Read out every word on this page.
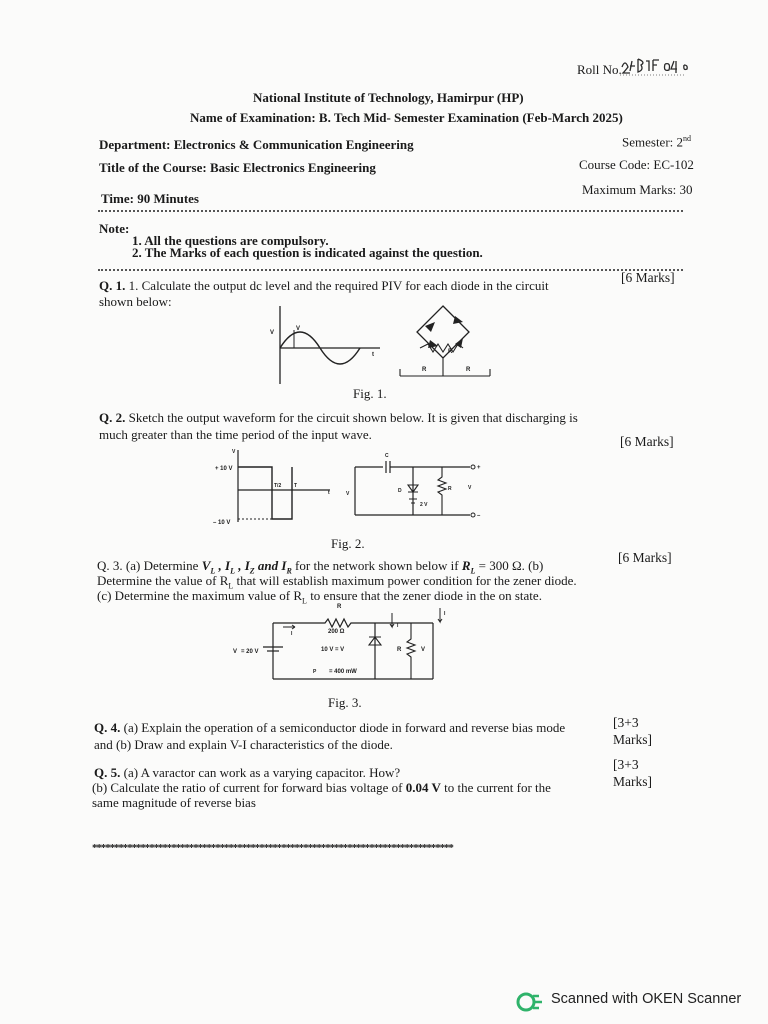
Roll No.
National Institute of Technology, Hamirpur (HP)
Name of Examination: B. Tech Mid- Semester Examination (Feb-March 2025)
Department: Electronics & Communication Engineering	Semester: 2nd
Title of the Course: Basic Electronics Engineering	Course Code: EC-102
Maximum Marks: 30
Time: 90 Minutes
Note:
1. All the questions are compulsory.
2. The Marks of each question is indicated against the question.
Q. 1. 1. Calculate the output dc level and the required PIV for each diode in the circuit
shown below:
[6 Marks]
V
V
t	R
R	R
Fig. 1.
Q. 2. Sketch the output waveform for the circuit shown below. It is given that discharging is
much greater than the time period of the input wave.	[6 Marks]
V
+ 10 V
– 10 V
T/2	T
t
C
D
2 V
R	V
V
+
–
Fig. 2.
Q. 3. (a) Determine $V_L$ , $I_L$ , $I_Z$ and $I_R$ for the network shown below if $R_L = 300$ Ω. (b)
Determine the value of $R_L$ that will establish maximum power condition for the zener diode.
(c) Determine the maximum value of $R_L$ to ensure that the zener diode in the on state.
[6 Marks]
R
200 Ω
I
I
I
V = 20 V	10 V = V
P = 400 mW
R	V
Fig. 3.
Q. 4. (a) Explain the operation of a semiconductor diode in forward and reverse bias mode
and (b) Draw and explain V-I characteristics of the diode.
[3+3
Marks]
Q. 5. (a) A varactor can work as a varying capacitor. How?
(b) Calculate the ratio of current for forward bias voltage of 0.04 V to the current for the
same magnitude of reverse bias
[3+3
Marks]
**********************************************************************************
Scanned with OKEN Scanner
